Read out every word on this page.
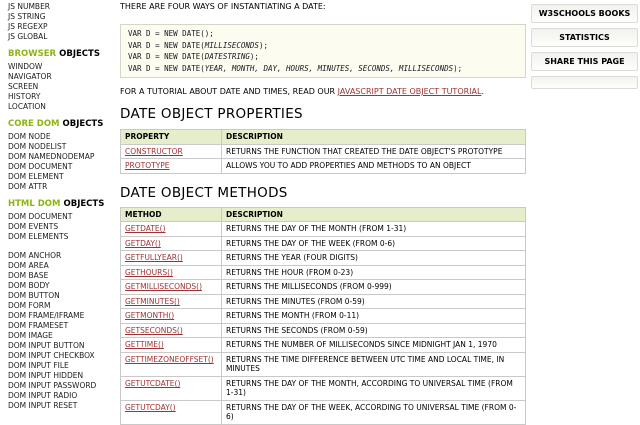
JS NUMBER
JS STRING
JS REGEXP
JS GLOBAL
BROWSER OBJECTS
WINDOW
NAVIGATOR
SCREEN
HISTORY
LOCATION
CORE DOM OBJECTS
DOM NODE
DOM NODELIST
DOM NAMEDNODEMAP
DOM DOCUMENT
DOM ELEMENT
DOM ATTR
HTML DOM OBJECTS
DOM DOCUMENT
DOM EVENTS
DOM ELEMENTS
DOM ANCHOR
DOM AREA
DOM BASE
DOM BODY
DOM BUTTON
DOM FORM
DOM FRAME/IFRAME
DOM FRAMESET
DOM IMAGE
DOM INPUT BUTTON
DOM INPUT CHECKBOX
DOM INPUT FILE
DOM INPUT HIDDEN
DOM INPUT PASSWORD
DOM INPUT RADIO
DOM INPUT RESET

THERE ARE FOUR WAYS OF INSTANTIATING A DATE:

VAR D = NEW DATE();
VAR D = NEW DATE(MILLISECONDS);
VAR D = NEW DATE(DATESTRING);
VAR D = NEW DATE(YEAR, MONTH, DAY, HOURS, MINUTES, SECONDS, MILLISECONDS);

FOR A TUTORIAL ABOUT DATE AND TIMES, READ OUR JAVASCRIPT DATE OBJECT TUTORIAL.

DATE OBJECT PROPERTIES
PROPERTY	DESCRIPTION
CONSTRUCTOR	RETURNS THE FUNCTION THAT CREATED THE DATE OBJECT'S PROTOTYPE
PROTOTYPE	ALLOWS YOU TO ADD PROPERTIES AND METHODS TO AN OBJECT
DATE OBJECT METHODS
METHOD	DESCRIPTION
GETDATE()	RETURNS THE DAY OF THE MONTH (FROM 1-31)
GETDAY()	RETURNS THE DAY OF THE WEEK (FROM 0-6)
GETFULLYEAR()	RETURNS THE YEAR (FOUR DIGITS)
GETHOURS()	RETURNS THE HOUR (FROM 0-23)
GETMILLISECONDS()	RETURNS THE MILLISECONDS (FROM 0-999)
GETMINUTES()	RETURNS THE MINUTES (FROM 0-59)
GETMONTH()	RETURNS THE MONTH (FROM 0-11)
GETSECONDS()	RETURNS THE SECONDS (FROM 0-59)
GETTIME()	RETURNS THE NUMBER OF MILLISECONDS SINCE MIDNIGHT JAN 1, 1970
GETTIMEZONEOFFSET()	RETURNS THE TIME DIFFERENCE BETWEEN UTC TIME AND LOCAL TIME, IN MINUTES
GETUTCDATE()	RETURNS THE DAY OF THE MONTH, ACCORDING TO UNIVERSAL TIME (FROM 1-31)
GETUTCDAY()	RETURNS THE DAY OF THE WEEK, ACCORDING TO UNIVERSAL TIME (FROM 0-6)
W3SCHOOLS BOOKS
STATISTICS
SHARE THIS PAGE
